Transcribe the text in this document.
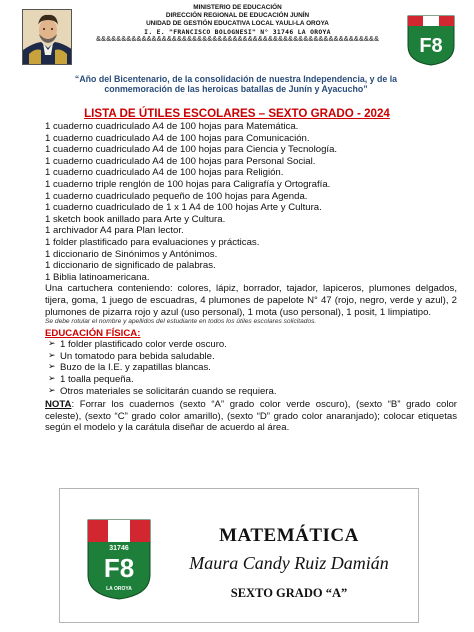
MINISTERIO DE EDUCACIÓN
DIRECCIÓN REGIONAL DE EDUCACIÓN JUNÍN
UNIDAD DE GESTIÓN EDUCATIVA LOCAL YAULI-LA OROYA
I. E. "FRANCISCO BOLOGNESI" N° 31746 LA OROYA
&&&&&&&&&&&&&&&&&&&&&&&&&&&&&&&&&&&&&&&&&&&&&&&&&&&&&&&& F8
“Año del Bicentenario, de la consolidación de nuestra Independencia, y de la conmemoración de las heroicas batallas de Junín y Ayacucho”
LISTA DE ÚTILES ESCOLARES – SEXTO GRADO - 2024

1 cuaderno cuadriculado A4 de 100 hojas para Matemática.

1 cuaderno cuadriculado A4 de 100 hojas para Comunicación.

1 cuaderno cuadriculado A4 de 100 hojas para Ciencia y Tecnología.

1 cuaderno cuadriculado A4 de 100 hojas para Personal Social.

1 cuaderno cuadriculado A4 de 100 hojas para Religión.

1 cuaderno triple renglón de 100 hojas para Caligrafía y Ortografía.

1 cuaderno cuadriculado pequeño de 100 hojas para Agenda.

1 cuaderno cuadriculado de 1 x 1 A4 de 100 hojas Arte y Cultura.

1 sketch book anillado para Arte y Cultura.

1 archivador A4 para Plan lector.

1 folder plastificado para evaluaciones y prácticas.

1 diccionario de Sinónimos y Antónimos.

1 diccionario de significado de palabras.

1 Biblia latinoamericana.

Una cartuchera conteniendo: colores, lápiz, borrador, tajador, lapiceros, plumones delgados, tijera, goma, 1 juego de escuadras, 4 plumones de papelote N° 47 (rojo, negro, verde y azul), 2 plumones de pizarra rojo y azul (uso personal), 1 mota (uso personal), 1 posit, 1 limpiatipo.

Se debe rotular el nombre y apellidos del estudiante en todos los útiles escolares solicitados.

EDUCACIÓN FÍSICA:

➢ 1 folder plastificado color verde oscuro.

➢ Un tomatodo para bebida saludable.

➢ Buzo de la I.E. y zapatillas blancas.

➢ 1 toalla pequeña.

➢ Otros materiales se solicitarán cuando se requiera.

NOTA: Forrar los cuadernos (sexto “A” grado color verde oscuro), (sexto “B” grado color celeste), (sexto “C” grado color amarillo), (sexto “D” grado color anaranjado); colocar etiquetas según el modelo y la carátula diseñar de acuerdo al área.

I E
31746
F8
LA OROYA
MATEMÁTICA
Maura Candy Ruiz Damián
SEXTO GRADO “A”
